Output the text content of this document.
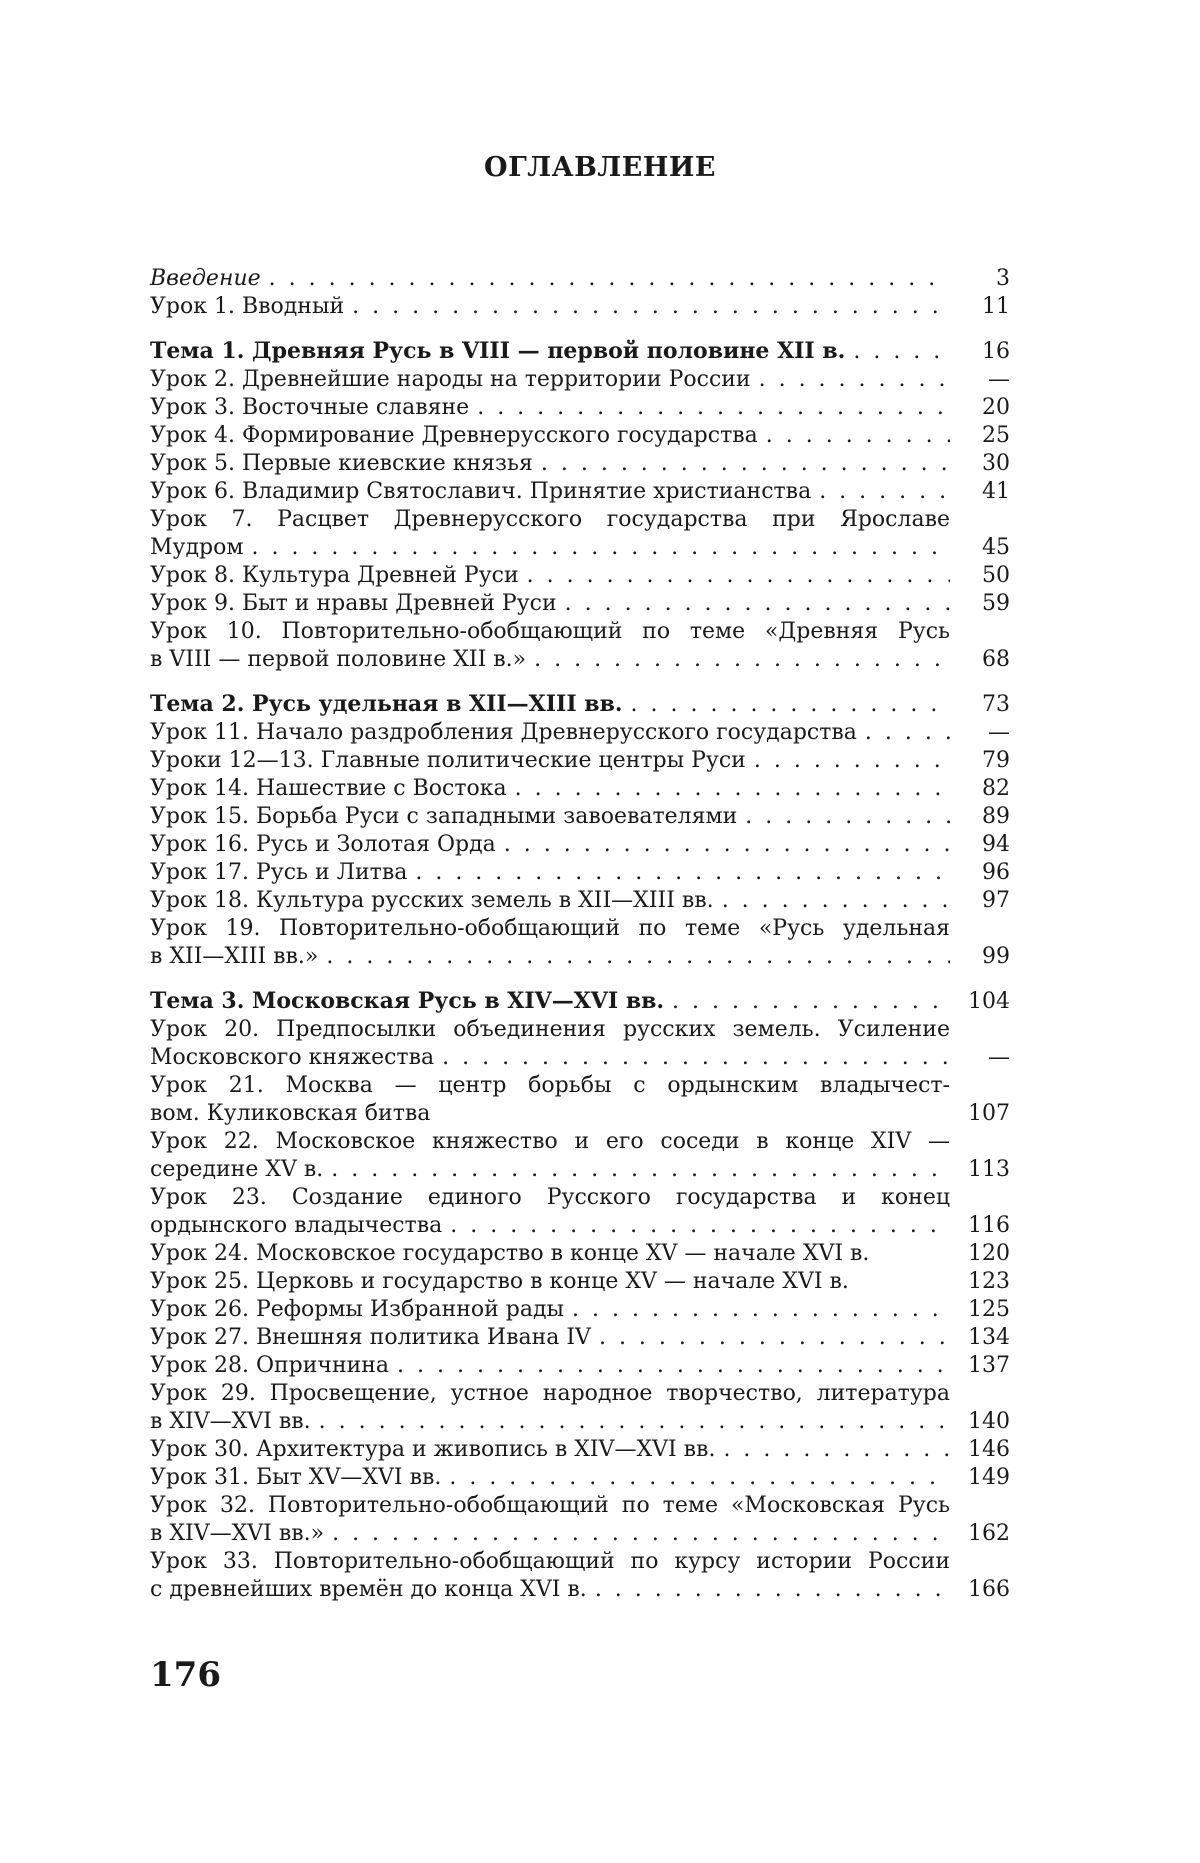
ОГЛАВЛЕНИЕ
Введение . . .	3
Урок 1. Вводный . . .	11
Тема 1. Древняя Русь в VIII — первой половине XII в. . . .	16
Урок 2. Древнейшие народы на территории России . . .	—
Урок 3. Восточные славяне . . .	20
Урок 4. Формирование Древнерусского государства . . .	25
Урок 5. Первые киевские князья . . .	30
Урок 6. Владимир Святославич. Принятие христианства . . .	41
Урок 7. Расцвет Древнерусского государства при Ярославе
Мудром . . .	45
Урок 8. Культура Древней Руси . . .	50
Урок 9. Быт и нравы Древней Руси . . .	59
Урок 10. Повторительно-обобщающий по теме «Древняя Русь
в VIII — первой половине XII в.» . . .	68
Тема 2. Русь удельная в XII—XIII вв. . . .	73
Урок 11. Начало раздробления Древнерусского государства . . .	—
Уроки 12—13. Главные политические центры Руси . . .	79
Урок 14. Нашествие с Востока . . .	82
Урок 15. Борьба Руси с западными завоевателями . . .	89
Урок 16. Русь и Золотая Орда . . .	94
Урок 17. Русь и Литва . . .	96
Урок 18. Культура русских земель в XII—XIII вв. . . .	97
Урок 19. Повторительно-обобщающий по теме «Русь удельная
в XII—XIII вв.» . . .	99
Тема 3. Московская Русь в XIV—XVI вв. . . .	104
Урок 20. Предпосылки объединения русских земель. Усиление
Московского княжества . . .	—
Урок 21. Москва — центр борьбы с ордынским владычест-
вом. Куликовская битва	107
Урок 22. Московское княжество и его соседи в конце XIV —
середине XV в. . . .	113
Урок 23. Создание единого Русского государства и конец
ордынского владычества . . .	116
Урок 24. Московское государство в конце XV — начале XVI в.	120
Урок 25. Церковь и государство в конце XV — начале XVI в.	123
Урок 26. Реформы Избранной рады . . .	125
Урок 27. Внешняя политика Ивана IV . . .	134
Урок 28. Опричнина . . .	137
Урок 29. Просвещение, устное народное творчество, литература
в XIV—XVI вв. . . .	140
Урок 30. Архитектура и живопись в XIV—XVI вв. . . .	146
Урок 31. Быт XV—XVI вв. . . .	149
Урок 32. Повторительно-обобщающий по теме «Московская Русь
в XIV—XVI вв.» . . .	162
Урок 33. Повторительно-обобщающий по курсу истории России
с древнейших времён до конца XVI в. . . .	166
176
